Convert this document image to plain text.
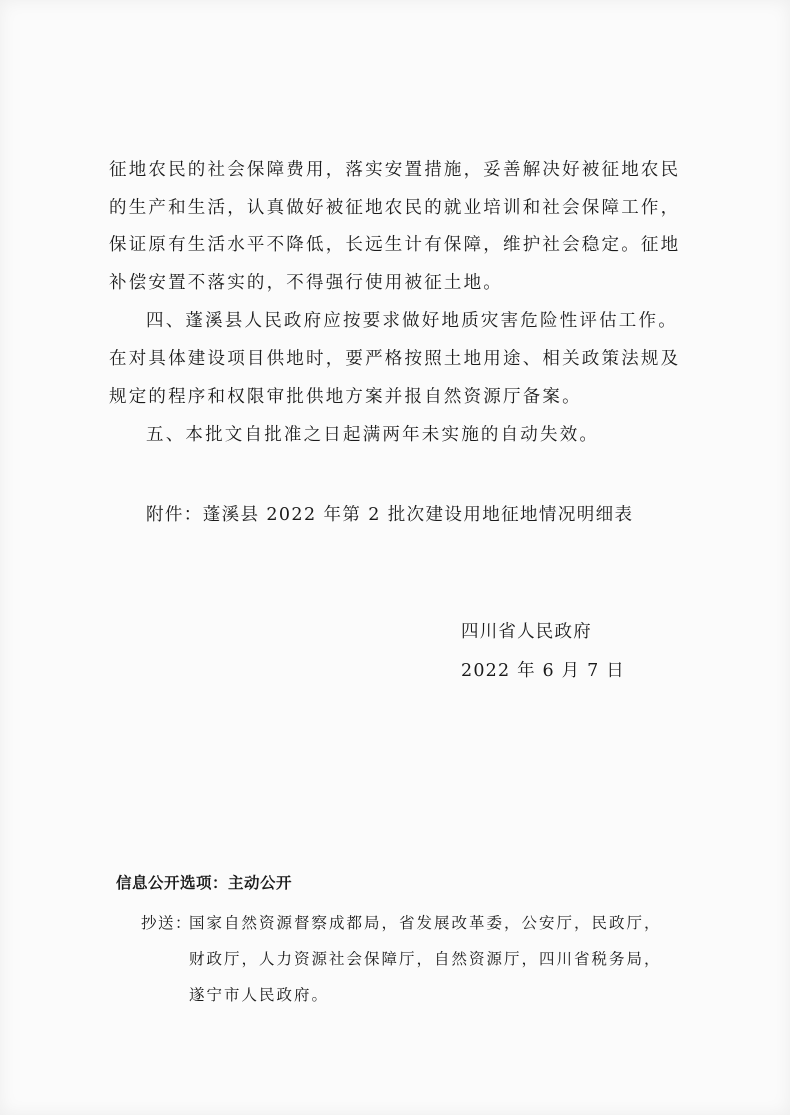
征地农民的社会保障费用，落实安置措施，妥善解决好被征地农民
的生产和生活，认真做好被征地农民的就业培训和社会保障工作，
保证原有生活水平不降低，长远生计有保障，维护社会稳定。征地
补偿安置不落实的，不得强行使用被征土地。
四、蓬溪县人民政府应按要求做好地质灾害危险性评估工作。
在对具体建设项目供地时，要严格按照土地用途、相关政策法规及
规定的程序和权限审批供地方案并报自然资源厅备案。
五、本批文自批准之日起满两年未实施的自动失效。
附件：蓬溪县 2022 年第 2 批次建设用地征地情况明细表
四川省人民政府
2022 年 6 月 7 日
信息公开选项：主动公开
抄送：
国家自然资源督察成都局，省发展改革委，公安厅，民政厅，
财政厅，人力资源社会保障厅，自然资源厅，四川省税务局，
遂宁市人民政府。
